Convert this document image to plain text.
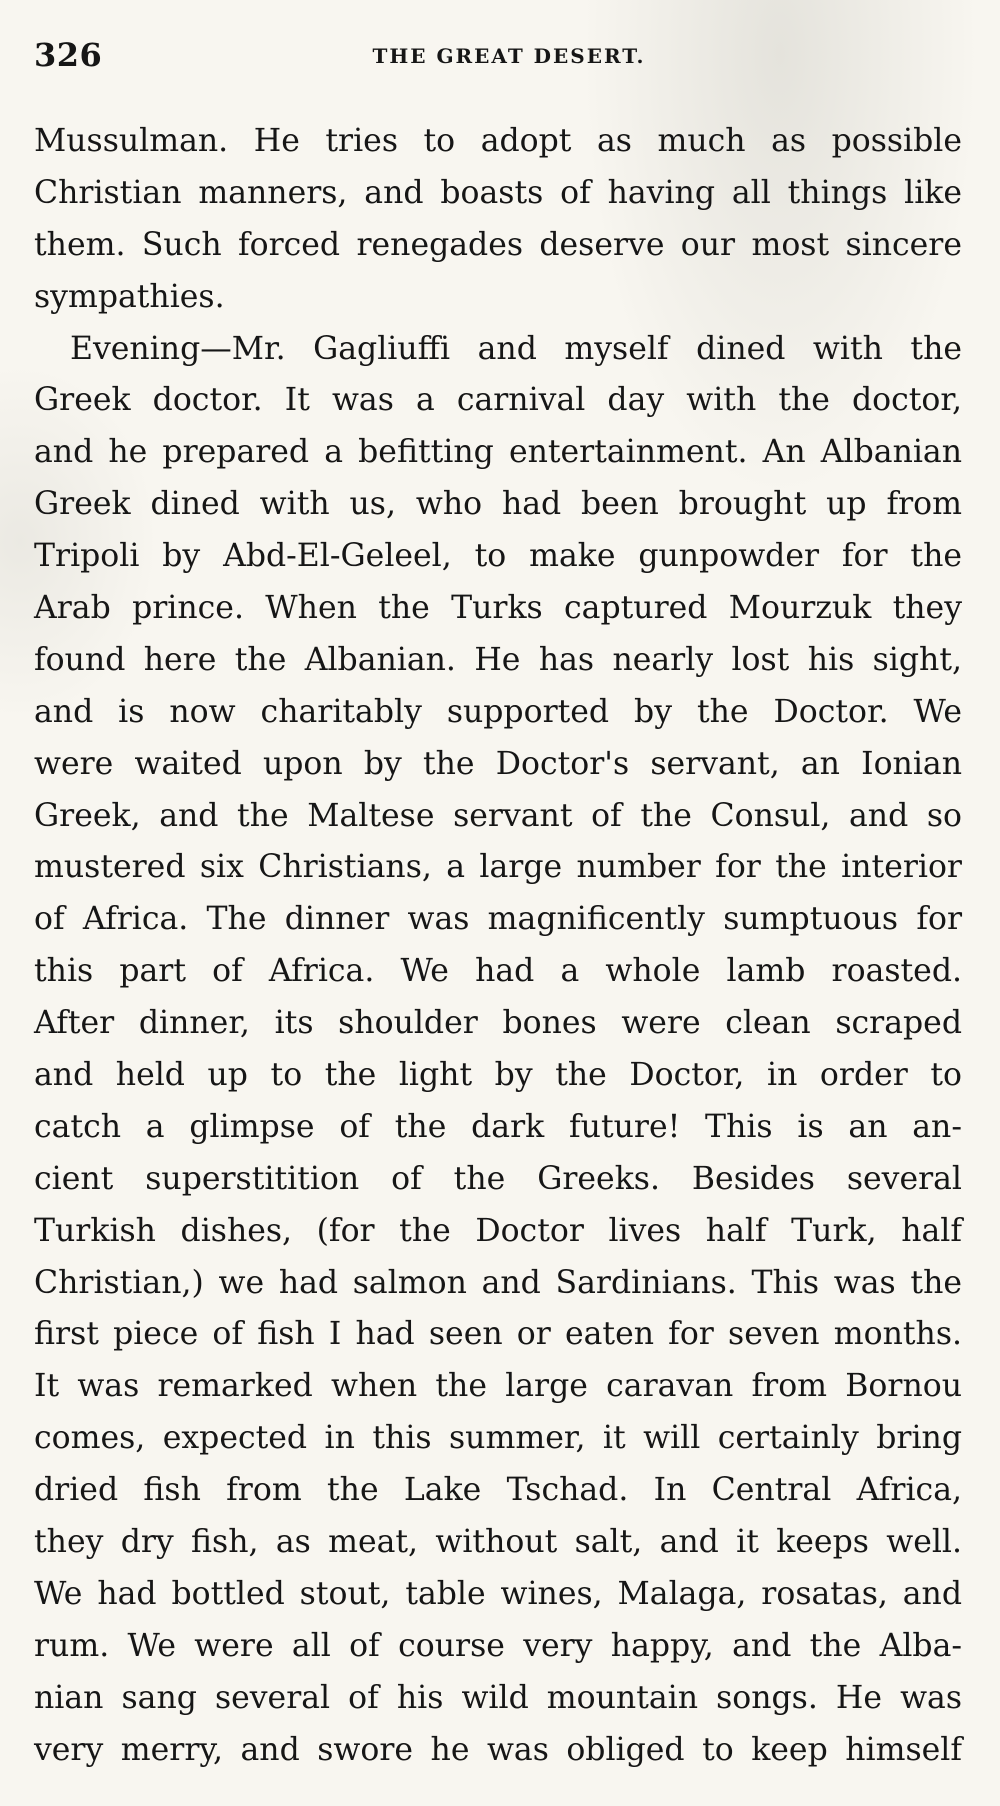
326	THE GREAT DESERT.
Mussulman. He tries to adopt as much as possible
Christian manners, and boasts of having all things like
them. Such forced renegades deserve our most sincere
sympathies.
Evening—Mr. Gagliuffi and myself dined with the
Greek doctor. It was a carnival day with the doctor,
and he prepared a befitting entertainment. An Albanian
Greek dined with us, who had been brought up from
Tripoli by Abd-El-Geleel, to make gunpowder for the
Arab prince. When the Turks captured Mourzuk they
found here the Albanian. He has nearly lost his sight,
and is now charitably supported by the Doctor. We
were waited upon by the Doctor's servant, an Ionian
Greek, and the Maltese servant of the Consul, and so
mustered six Christians, a large number for the interior
of Africa. The dinner was magnificently sumptuous for
this part of Africa. We had a whole lamb roasted.
After dinner, its shoulder bones were clean scraped
and held up to the light by the Doctor, in order to
catch a glimpse of the dark future! This is an an-
cient superstitition of the Greeks. Besides several
Turkish dishes, (for the Doctor lives half Turk, half
Christian,) we had salmon and Sardinians. This was the
first piece of fish I had seen or eaten for seven months.
It was remarked when the large caravan from Bornou
comes, expected in this summer, it will certainly bring
dried fish from the Lake Tschad. In Central Africa,
they dry fish, as meat, without salt, and it keeps well.
We had bottled stout, table wines, Malaga, rosatas, and
rum. We were all of course very happy, and the Alba-
nian sang several of his wild mountain songs. He was
very merry, and swore he was obliged to keep himself
